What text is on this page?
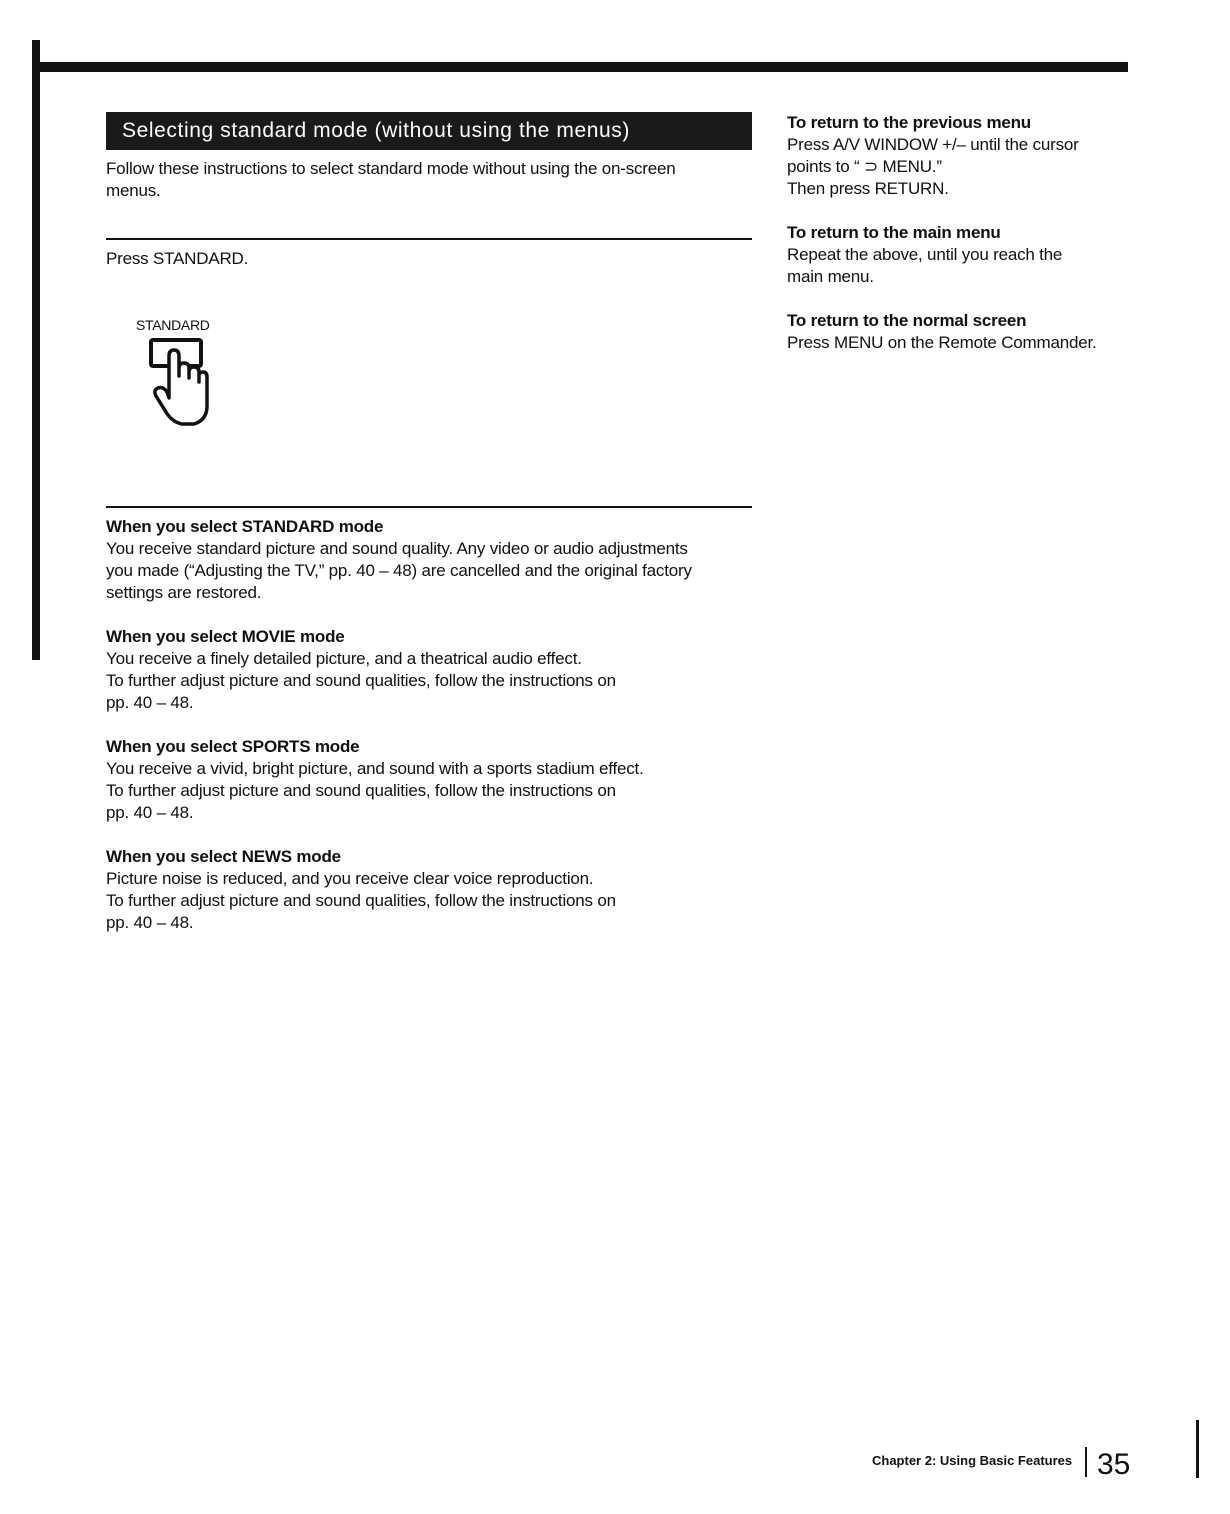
Selecting standard mode (without using the menus)

Follow these instructions to select standard mode without using the on-screen

menus.

Press STANDARD.
STANDARD

When you select STANDARD mode

You receive standard picture and sound quality. Any video or audio adjustments

you made (“Adjusting the TV,” pp. 40 – 48) are cancelled and the original factory

settings are restored.

When you select MOVIE mode

You receive a finely detailed picture, and a theatrical audio effect.

To further adjust picture and sound qualities, follow the instructions on

pp. 40 – 48.

When you select SPORTS mode

You receive a vivid, bright picture, and sound with a sports stadium effect.

To further adjust picture and sound qualities, follow the instructions on

pp. 40 – 48.

When you select NEWS mode

Picture noise is reduced, and you receive clear voice reproduction.

To further adjust picture and sound qualities, follow the instructions on

pp. 40 – 48.

To return to the previous menu

Press A/V WINDOW +/– until the cursor

points to “ ⊃ MENU.”

Then press RETURN.

To return to the main menu

Repeat the above, until you reach the

main menu.

To return to the normal screen

Press MENU on the Remote Commander.

Chapter 2: Using Basic Features 35
